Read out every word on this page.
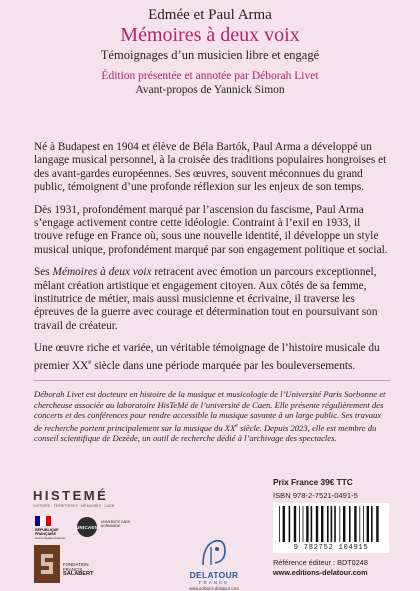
Edmée et Paul Arma
Mémoires à deux voix
Témoignages d’un musicien libre et engagé
Édition présentée et annotée par Déborah Livet
Avant-propos de Yannick Simon

Né à Budapest en 1904 et élève de Béla Bartók, Paul Arma a développé un langage musical personnel, à la croisée des traditions populaires hongroises et des avant-gardes européennes. Ses œuvres, souvent méconnues du grand public, témoignent d’une profonde réflexion sur les enjeux de son temps.

Dès 1931, profondément marqué par l’ascension du fascisme, Paul Arma s’engage activement contre cette idéologie. Contraint à l’exil en 1933, il trouve refuge en France où, sous une nouvelle identité, il développe un style musical unique, profondément marqué par son engagement politique et social.

Ses Mémoires à deux voix retracent avec émotion un parcours exceptionnel, mêlant création artistique et engagement citoyen. Aux côtés de sa femme, institutrice de métier, mais aussi musicienne et écrivaine, il traverse les épreuves de la guerre avec courage et détermination tout en poursuivant son travail de créateur.

Une œuvre riche et variée, un véritable témoignage de l’histoire musicale du premier XXe siècle dans une période marquée par les bouleversements.

Déborah Livet est docteure en histoire de la musique et musicologie de l’Université Paris Sorbonne et chercheuse associée au laboratoire HisTeMé de l’université de Caen. Elle présente régulièrement des concerts et des conférences pour rendre accessible la musique savante à un large public. Ses travaux de recherche portent principalement sur la musique du XXe siècle. Depuis 2023, elle est membre du conseil scientifique de Dezède, un outil de recherche dédié à l’archivage des spectacles.
HISTEMÉ
HISTOIRE · TERRITOIRES · MÉMOIRES · CAEN
RÉPUBLIQUE
FRANÇAISE
Liberté Égalité Fraternité
UNICAEN
UNIVERSITÉ CAEN NORMANDIE
FONDATION
FRANCIS
SALABERT	DELATOUR
FRANCE
www.editions-delatour.com
Prix France 39€ TTC
ISBN 978-2-7521-0491-5
9 782752 104915
Référence éditeur : BDT0248
www.editions-delatour.com
